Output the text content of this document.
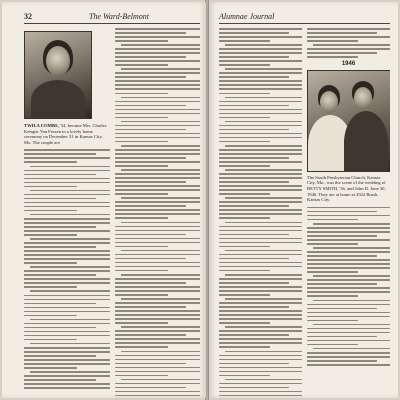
32	The Ward-Belmont
TWILA COMBS, '34, became Mrs. Charles Kemper Van Fossen in a lovely home ceremony on December 31 in Kansas City, Mo. The couple are
Alumnae Journal
1946
The South Presbyterian Church, Kansas City, Mo., was the scene of the wedding of BETTY SMITH, '36, and John D. June 30, 1946. They are at home at 2922 Brush, Kansas City.
